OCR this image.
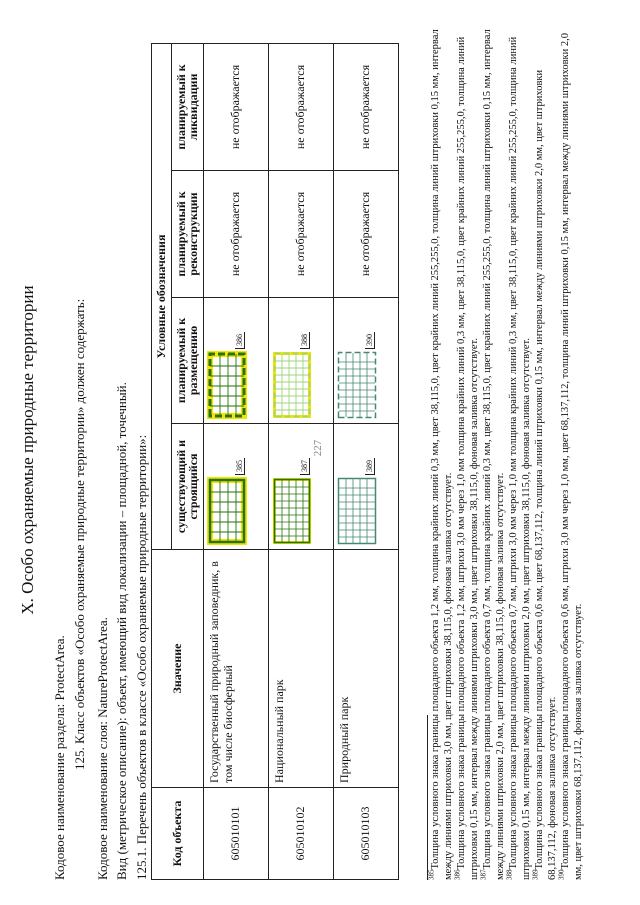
227
X. Особо охраняемые природные территории
Кодовое наименование раздела: ProtectArea. 125. Класс объектов «Особо охраняемые природные территории» должен содержать: Кодовое наименование слоя: NatureProtectArea. Вид (метрическое описание): объект, имеющий вид локализации – площадной, точечный. 125.1. Перечень объектов в классе «Особо охраняемые природные территории»: Код объекта	Значение	Условные обозначения			
		существующий и строящийся	планируемый к размещению	планируемый к реконструкции	планируемый к ликвидации
605010101	Государственный природный заповедник, в том числе биосферный	385	386	не отображается	не отображается
605010102	Национальный парк	387	388	не отображается	не отображается
605010103	Природный парк	389	390	не отображается	не отображается

$^{385}$Толщина условного знака границы площадного объекта 1,2 мм, толщина крайних линий 0,3 мм, цвет 38,115,0, цвет крайних линий 255,255,0, толщина линий штриховки 0,15 мм, интервал между линиями штриховки 3,0 мм, цвет штриховки 38,115,0, фоновая заливка отсутствует. $^{386}$Толщина условного знака границы площадного объекта 1,2 мм, штрихи 3,0 мм через 1,0 мм толщина крайних линий 0,3 мм, цвет 38,115,0, цвет крайних линий 255,255,0, толщина линий штриховки 0,15 мм, интервал между линиями штриховки 3,0 мм, цвет штриховки 38,115,0, фоновая заливка отсутствует. $^{387}$Толщина условного знака границы площадного объекта 0,7 мм, толщина крайних линий 0,3 мм, цвет 38,115,0, цвет крайних линий 255,255,0, толщина линий штриховки 0,15 мм, интервал между линиями штриховки 2,0 мм, цвет штриховки 38,115,0, фоновая заливка отсутствует. $^{388}$Толщина условного знака границы площадного объекта 0,7 мм, штрихи 3,0 мм через 1,0 мм толщина крайних линий 0,3 мм, цвет 38,115,0, цвет крайних линий 255,255,0, толщина линий штриховки 0,15 мм, интервал между линиями штриховки 2,0 мм, цвет штриховки 38,115,0, фоновая заливка отсутствует. $^{389}$Толщина условного знака границы площадного объекта 0,6 мм, цвет 68,137,112, толщина линий штриховки 0,15 мм, интервал между линиями штриховки 2,0 мм, цвет штриховки 68,137,112, фоновая заливка отсутствует. $^{390}$Толщина условного знака границы площадного объекта 0,6 мм, штрихи 3,0 мм через 1,0 мм, цвет 68,137,112, толщина линий штриховки 0,15 мм, интервал между линиями штриховки 2,0 мм, цвет штриховки 68,137,112, фоновая заливка отсутствует.
